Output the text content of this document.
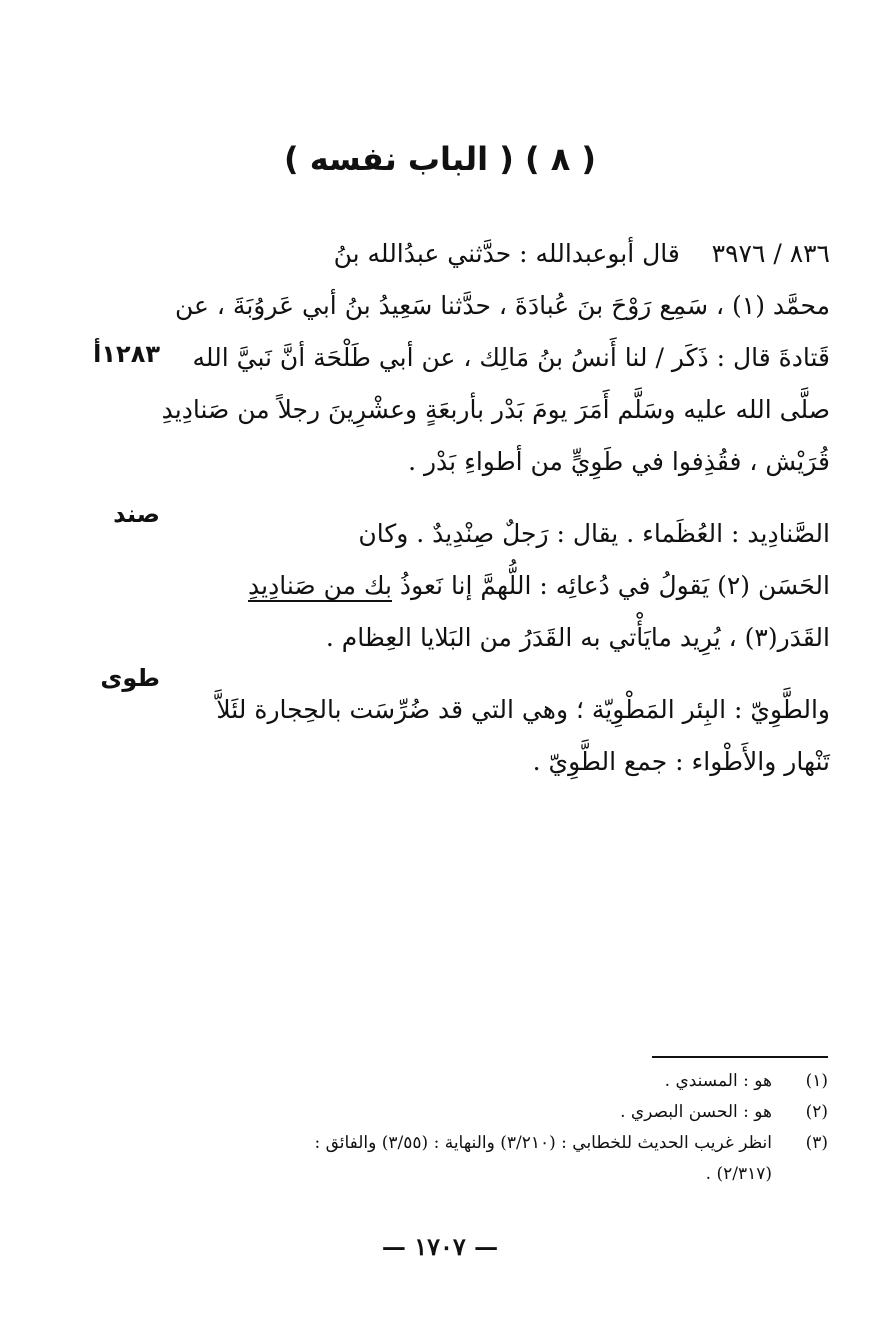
( ٨ ) ( الباب نفسه )
١٢٨٣أ
صند
طوى

٨٣٦ / ٣٩٧٦    قال أبوعبدالله : حدَّثني عبدُالله بنُ

محمَّد (١) ، سَمِع رَوْحَ بنَ عُبادَةَ ، حدَّثنا سَعِيدُ بنُ أبي عَروُبَةَ ، عن

قَتادةَ قال : ذَكَر / لنا أَنسُ بنُ مَالِك ، عن أبي طَلْحَة أنَّ نَبيَّ الله

صلَّى الله عليه وسَلَّم أَمَرَ يومَ بَدْر بأربعَةٍ وعشْرِينَ رجلاً من صَنادِيدِ

قُرَيْش ، فقُذِفوا في طَوِيٍّ من أطواءِ بَدْر .

الصَّنادِيد : العُظَماء . يقال : رَجلٌ صِنْدِيدٌ . وكان

الحَسَن (٢) يَقولُ في دُعائِه : اللُّهمَّ إنا نَعوذُ بك من صَنادِيدِ

القَدَر(٣) ، يُرِيد مايَأْتي به القَدَرُ من البَلايا العِظام .

والطَّوِيّ : البِئر المَطْوِيّة ؛ وهي التي قد ضُرِّسَت بالحِجارة لئَلاَّ

تَنْهار والأَطْواء : جمع الطَّوِيّ .

(١)
هو : المسندي .
(٢)
هو : الحسن البصري .
(٣)
انظر غريب الحديث للخطابي : (٣/٢١٠) والنهاية : (٣/٥٥) والفائق :
(٢/٣١٧) .
— ١٧٠٧ —
